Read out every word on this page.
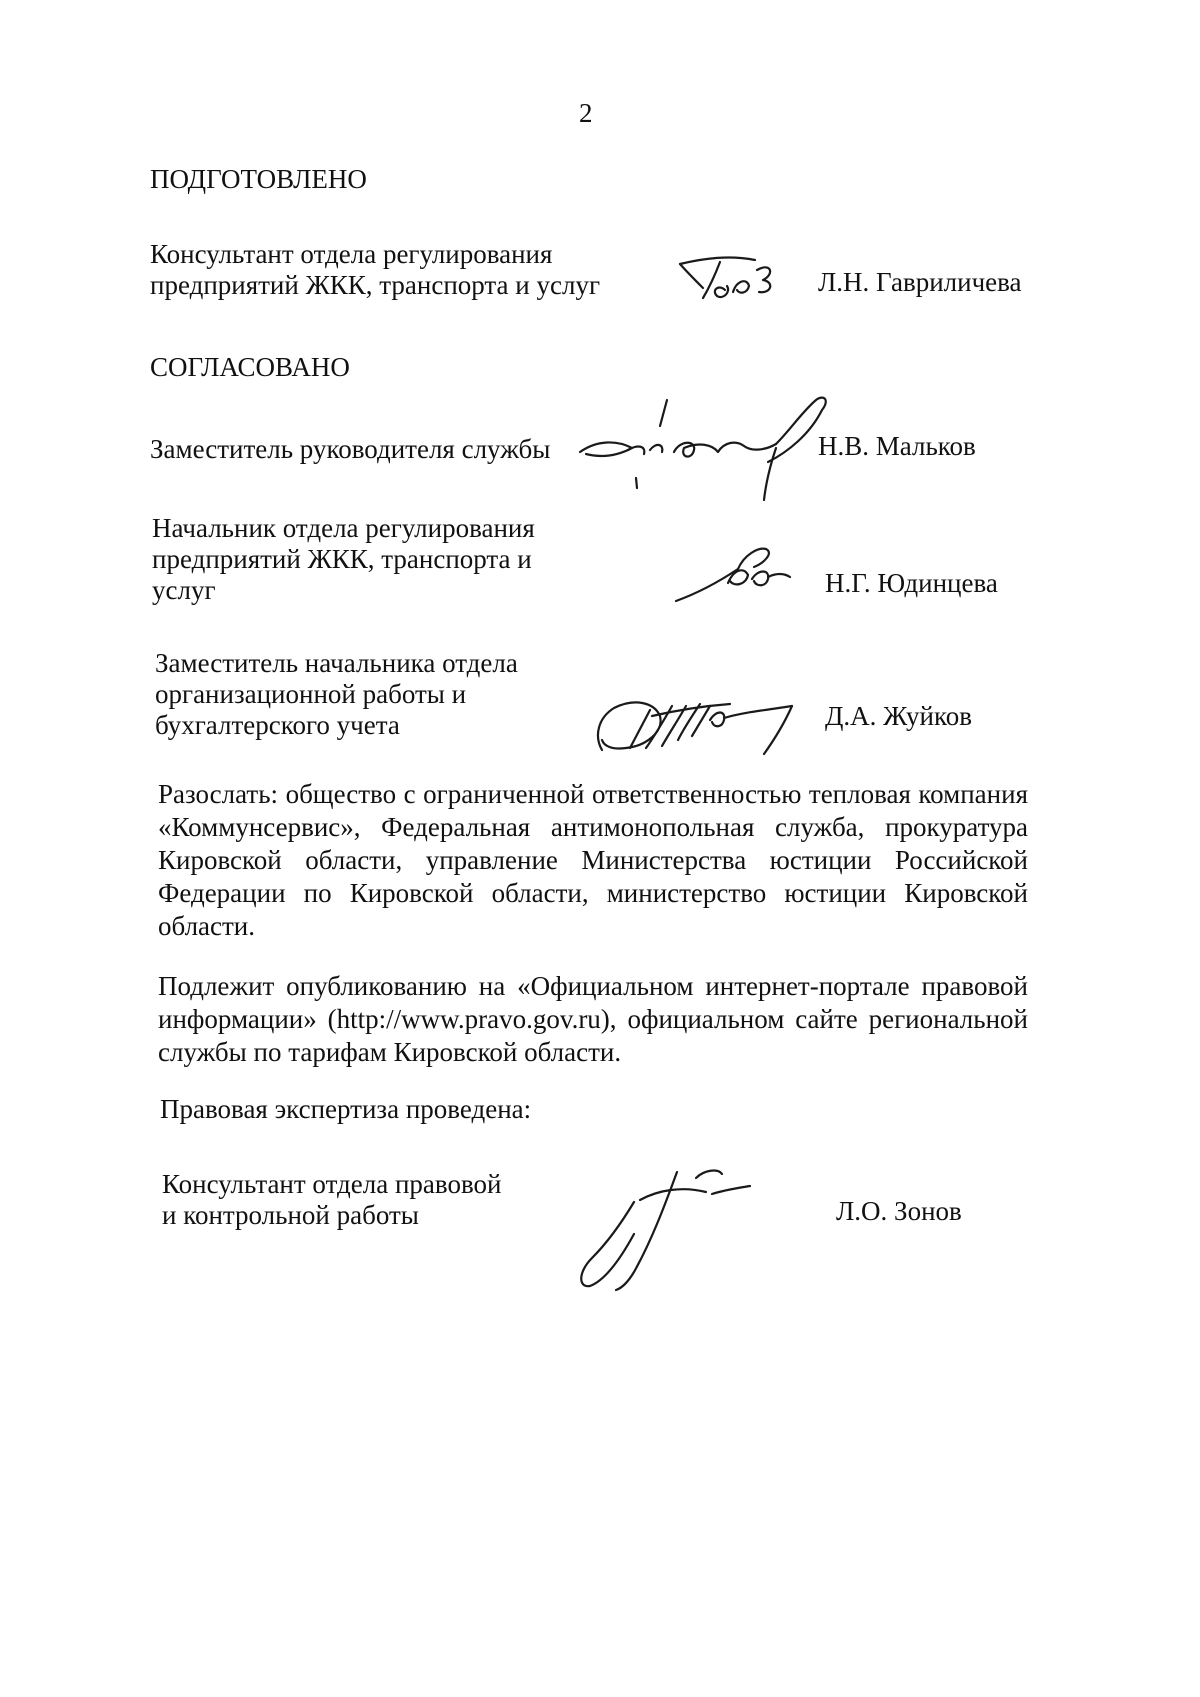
2
ПОДГОТОВЛЕНО
Консультант отдела регулирования
предприятий ЖКК, транспорта и услуг	Л.Н. Гавриличева
СОГЛАСОВАНО
Заместитель руководителя службы	Н.В. Мальков
Начальник отдела регулирования
предприятий ЖКК, транспорта и
услуг	Н.Г. Юдинцева
Заместитель начальника отдела
организационной работы и
бухгалтерского учета	Д.А. Жуйков
Разослать: общество с ограниченной ответственностью тепловая компания «Коммунсервис», Федеральная антимонопольная служба, прокуратура Кировской области, управление Министерства юстиции Российской Федерации по Кировской области, министерство юстиции Кировской области.
Подлежит опубликованию на «Официальном интернет-портале правовой информации» (http://www.pravo.gov.ru), официальном сайте региональной службы по тарифам Кировской области.
Правовая экспертиза проведена:
Консультант отдела правовой
и контрольной работы	Л.О. Зонов
